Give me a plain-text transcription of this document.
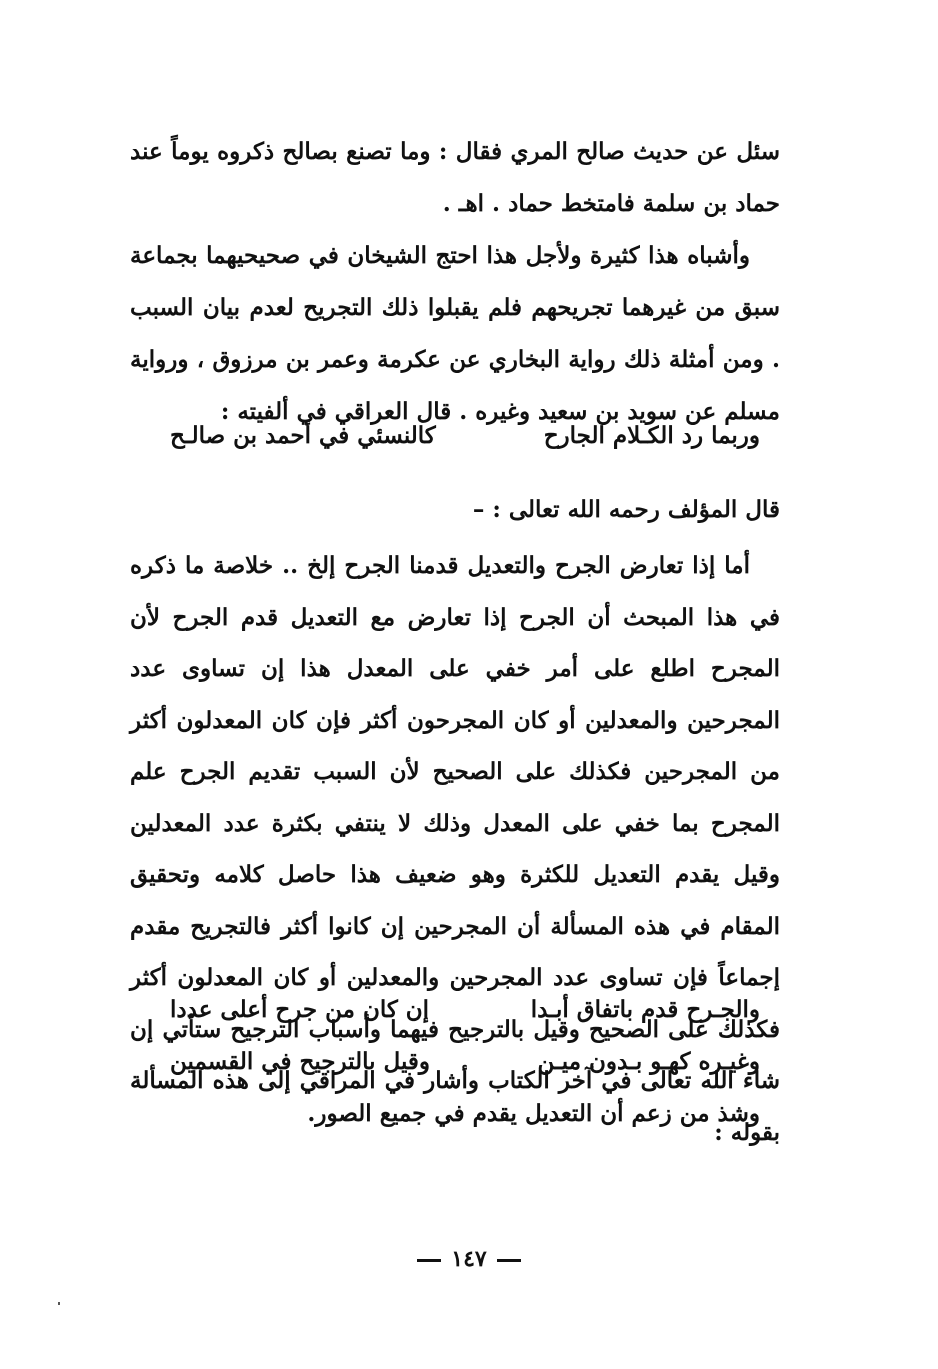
سئل عن حديث صالح المري فقال : وما تصنع بصالح ذكروه يوماً عند حماد بن سلمة فامتخط حماد . اهـ .
وأشباه هذا كثيرة ولأجل هذا احتج الشيخان في صحيحيهما بجماعة سبق من غيرهما تجريحهم فلم يقبلوا ذلك التجريح لعدم بيان السبب . ومن أمثلة ذلك رواية البخاري عن عكرمة وعمر بن مرزوق ، ورواية مسلم عن سويد بن سعيد وغيره . قال العراقي في ألفيته :
وربما رد الكـلام الجارح
كالنسئي في أحمد بن صالـح
قال المؤلف رحمه الله تعالى : –
أما إذا تعارض الجرح والتعديل قدمنا الجرح إلخ .. خلاصة ما ذكره في هذا المبحث أن الجرح إذا تعارض مع التعديل قدم الجرح لأن المجرح اطلع على أمر خفي على المعدل هذا إن تساوى عدد المجرحين والمعدلين أو كان المجرحون أكثر فإن كان المعدلون أكثر من المجرحين فكذلك على الصحيح لأن السبب تقديم الجرح علم المجرح بما خفي على المعدل وذلك لا ينتفي بكثرة عدد المعدلين وقيل يقدم التعديل للكثرة وهو ضعيف هذا حاصل كلامه وتحقيق المقام في هذه المسألة أن المجرحين إن كانوا أكثر فالتجريح مقدم إجماعاً فإن تساوى عدد المجرحين والمعدلين أو كان المعدلون أكثر فكذلك على الصحيح وقيل بالترجيح فيهما وأسباب الترجيح ستأتي إن شاء الله تعالى في آخر الكتاب وأشار في المراقي إلى هذه المسألة بقوله :
والجـرح قدم باتفاق أبـدا
إن كان من جرح أعلى عددا
وغيـره كهـو بـدون ميـن
وقيل بالترجيح في القسمين
وشذ من زعم أن التعديل يقدم في جميع الصور.
١٤٧
